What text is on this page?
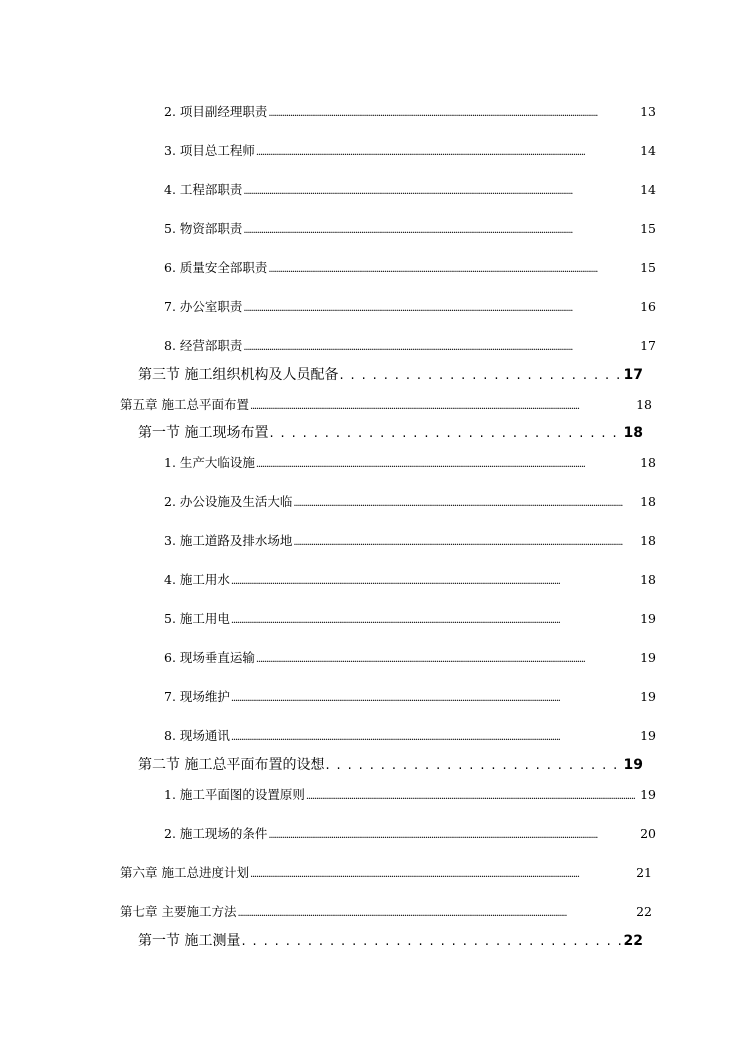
2. 项目副经理职责 . . .	13
3. 项目总工程师 . . .	14
4. 工程部职责 . . .	14
5. 物资部职责 . . .	15
6. 质量安全部职责 . . .	15
7. 办公室职责 . . .	16
8. 经营部职责 . . .	17
第三节 施工组织机构及人员配备 . . .	17
第五章 施工总平面布置 . . .	18
第一节 施工现场布置 . . .	18
1. 生产大临设施 . . .	18
2. 办公设施及生活大临 . . .	18
3. 施工道路及排水场地 . . .	18
4. 施工用水 . . .	18
5. 施工用电 . . .	19
6. 现场垂直运输 . . .	19
7. 现场维护 . . .	19
8. 现场通讯 . . .	19
第二节 施工总平面布置的设想 . . .	19
1. 施工平面图的设置原则 . . .	19
2. 施工现场的条件 . . .	20
第六章 施工总进度计划 . . .	21
第七章 主要施工方法 . . .	22
第一节 施工测量 . . .	22
